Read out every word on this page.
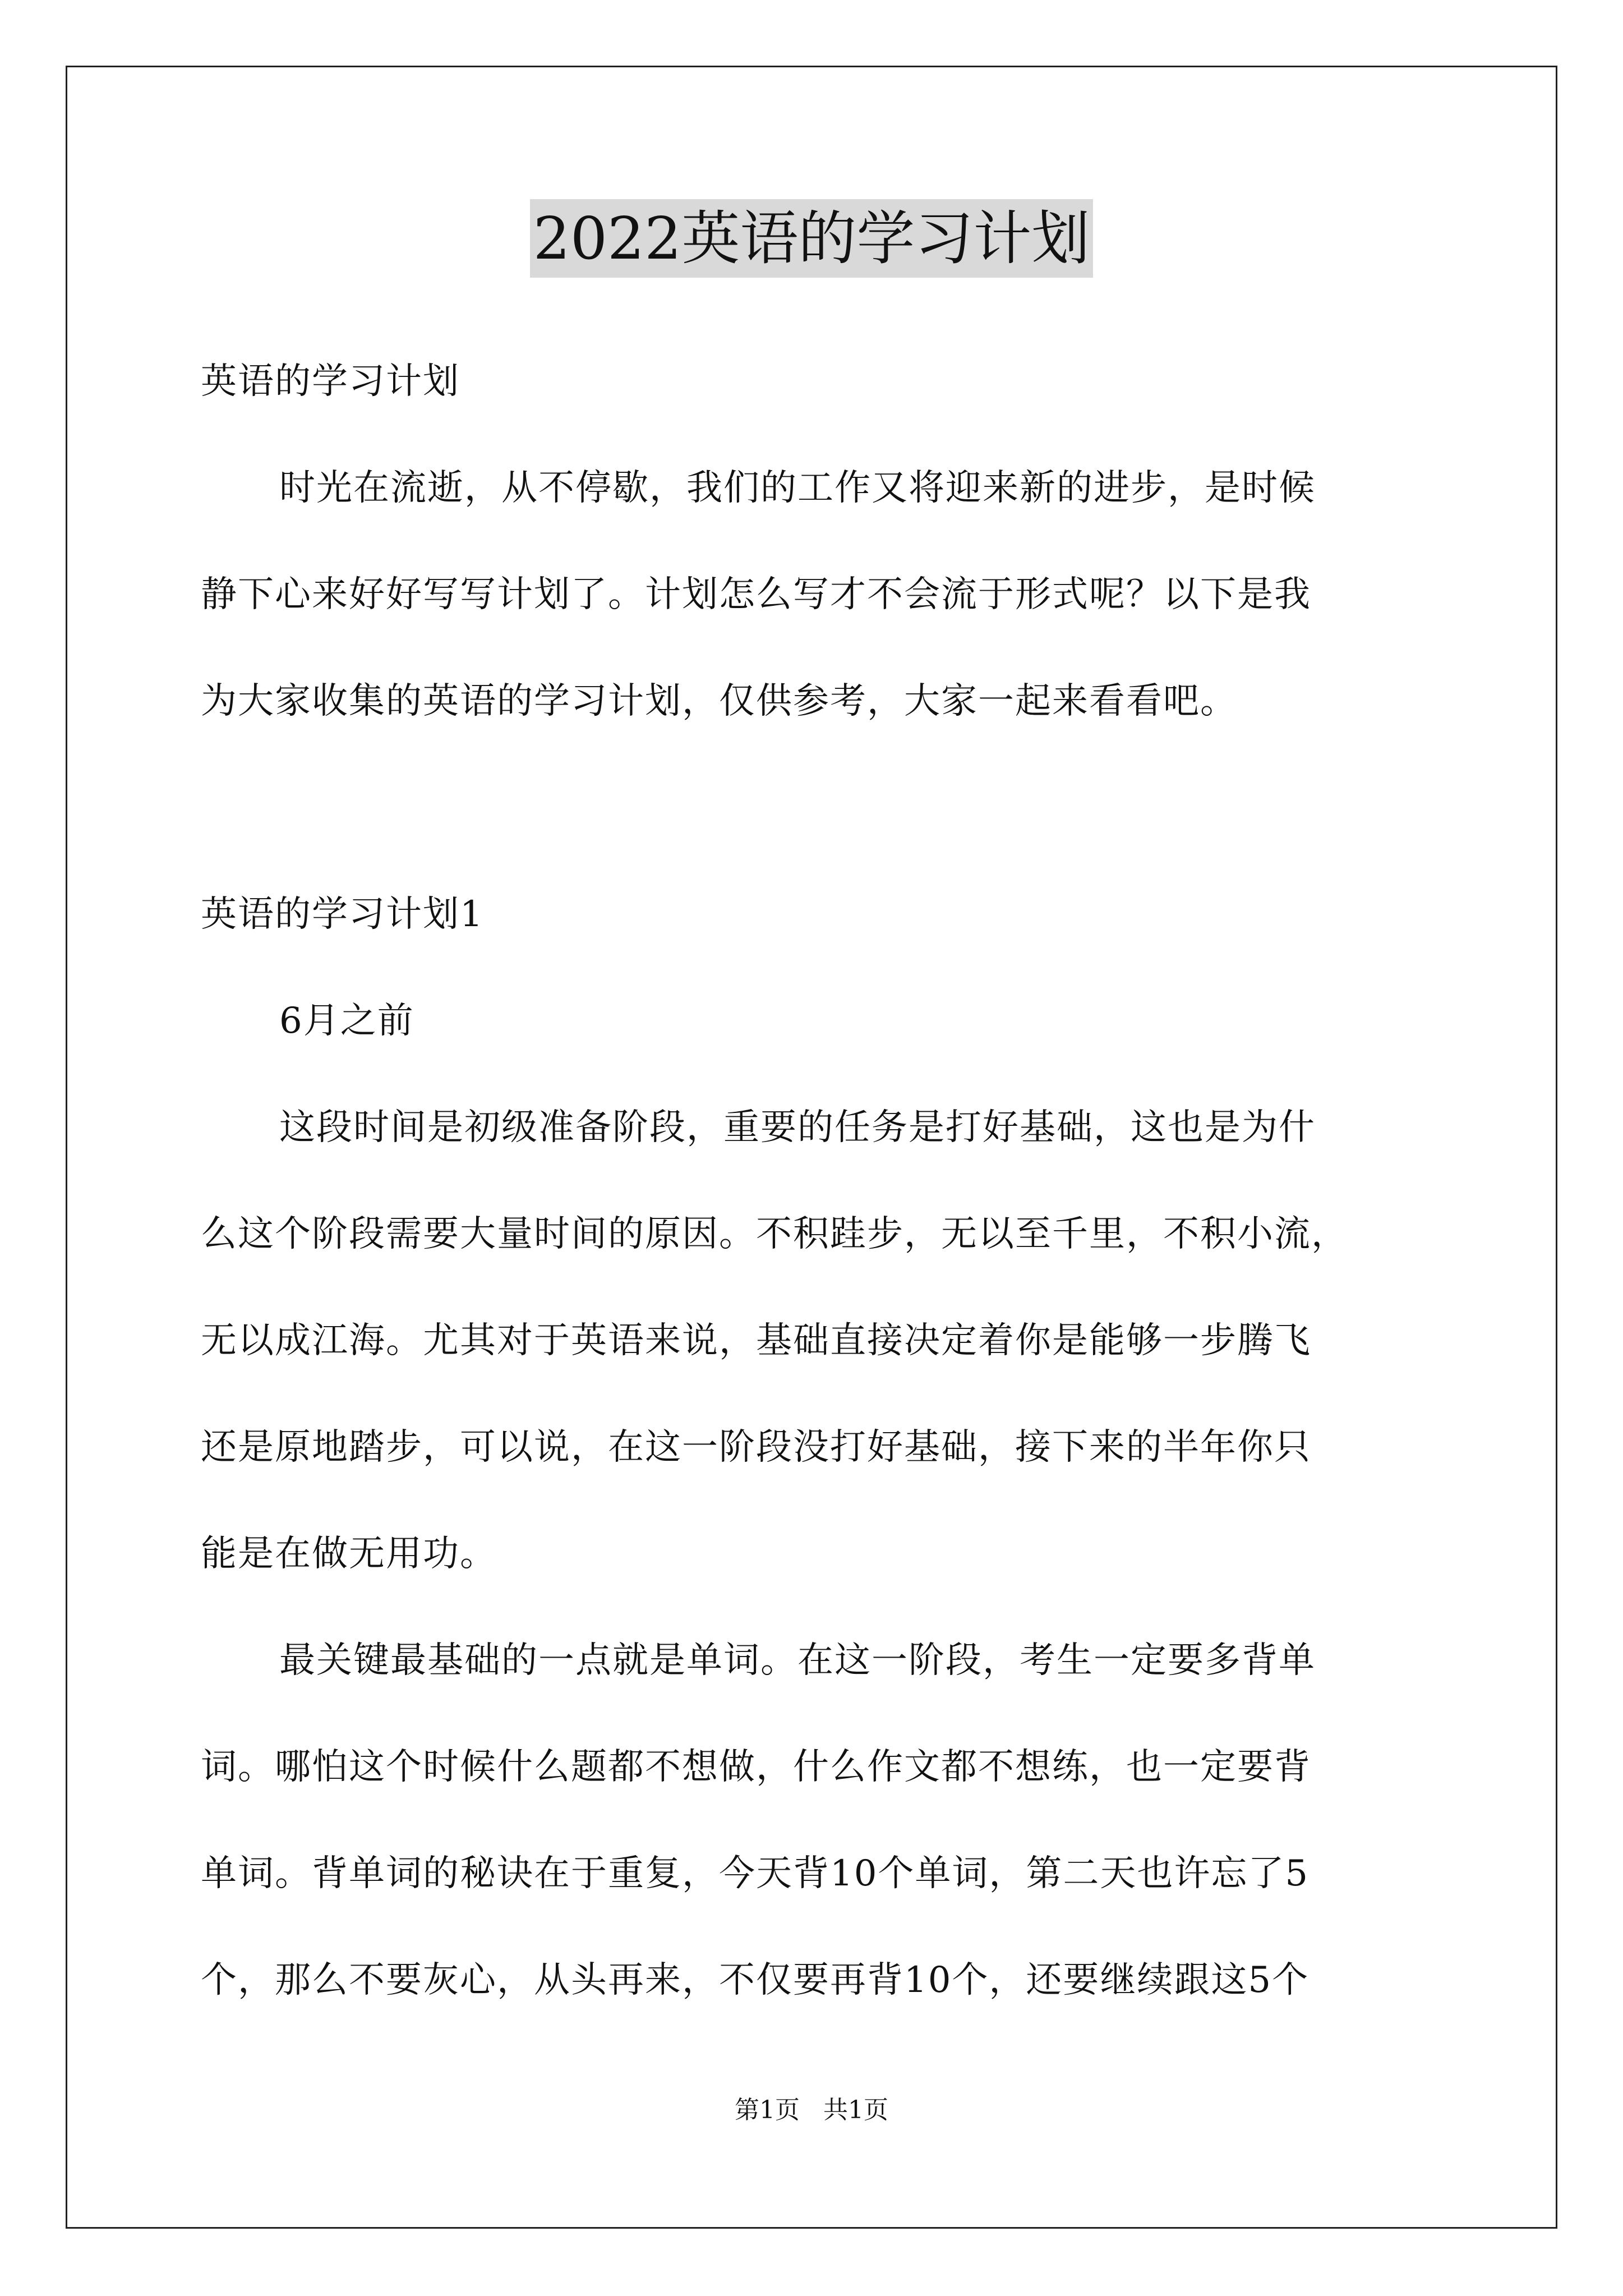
2022英语的学习计划
英语的学习计划
时光在流逝，从不停歇，我们的工作又将迎来新的进步，是时候
静下心来好好写写计划了。计划怎么写才不会流于形式呢？以下是我
为大家收集的英语的学习计划，仅供参考，大家一起来看看吧。
英语的学习计划1
6月之前
这段时间是初级准备阶段，重要的任务是打好基础，这也是为什
么这个阶段需要大量时间的原因。不积跬步，无以至千里，不积小流，
无以成江海。尤其对于英语来说，基础直接决定着你是能够一步腾飞
还是原地踏步，可以说，在这一阶段没打好基础，接下来的半年你只
能是在做无用功。
最关键最基础的一点就是单词。在这一阶段，考生一定要多背单
词。哪怕这个时候什么题都不想做，什么作文都不想练，也一定要背
单词。背单词的秘诀在于重复，今天背10个单词，第二天也许忘了5
个，那么不要灰心，从头再来，不仅要再背10个，还要继续跟这5个
第1页 共1页
